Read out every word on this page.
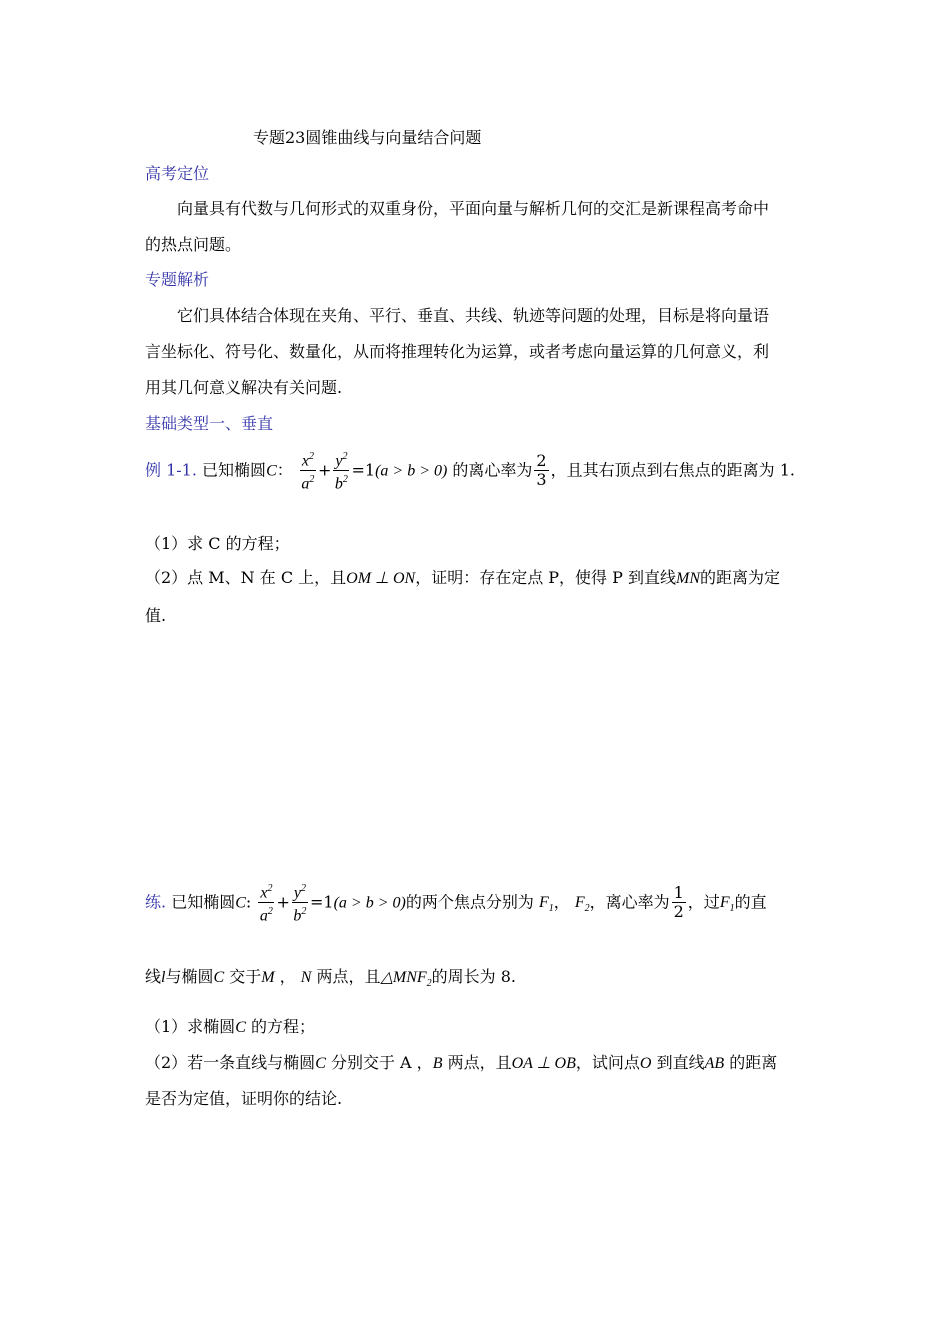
专题23圆锥曲线与向量结合问题
高考定位
向量具有代数与几何形式的双重身份，平面向量与解析几何的交汇是新课程高考命中
的热点问题。
专题解析
它们具体结合体现在夹角、平行、垂直、共线、轨迹等问题的处理，目标是将向量语
言坐标化、符号化、数量化，从而将推理转化为运算，或者考虑向量运算的几何意义，利
用其几何意义解决有关问题.
基础类型一、垂直
例 1-1. 已知椭圆C： $\frac{x^2}{a^2} + \frac{y^2}{b^2} =1(a > b > 0)$ 的离心率为 $\frac{2}{3}$ ，且其右顶点到右焦点的距离为 1.
（1）求 C 的方程；
（2）点 M、N 在 C 上，且OM ⊥ ON，证明：存在定点 P，使得 P 到直线MN的距离为定
值.
练. 已知椭圆C: $\frac{x^2}{a^2} + \frac{y^2}{b^2} =1(a > b > 0)$的两个焦点分别为 $F_1$， $F_2$，离心率为 $\frac{1}{2}$ ，过$F_1$的直
线l与椭圆C 交于M ， N 两点，且$\triangle MNF_2$的周长为 8.
（1）求椭圆C 的方程；
（2）若一条直线与椭圆C 分别交于 A ，B 两点，且OA ⊥ OB，试问点O 到直线AB 的距离
是否为定值，证明你的结论.
